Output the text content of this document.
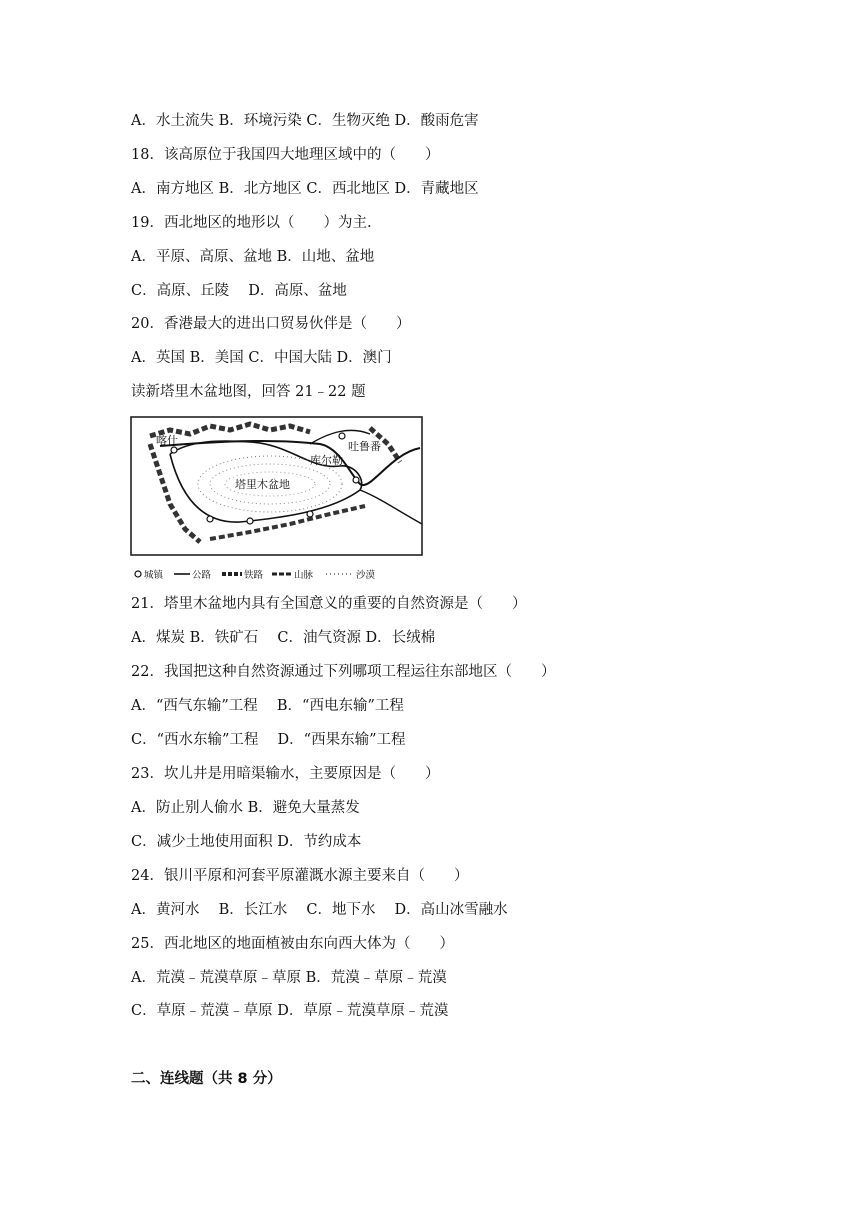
A．水土流失 B．环境污染 C．生物灭绝 D．酸雨危害
18．该高原位于我国四大地理区域中的（　　）
A．南方地区 B．北方地区 C．西北地区 D．青藏地区
19．西北地区的地形以（　　）为主.
A．平原、高原、盆地 B．山地、盆地
C．高原、丘陵　 D．高原、盆地
20．香港最大的进出口贸易伙伴是（　　）
A．英国 B．美国 C．中国大陆 D．澳门
读新塔里木盆地图，回答 21﹣22 题
喀什
库尔勒
吐鲁番
塔里木盆地
城镇	公路	铁路	山脉	沙漠
21．塔里木盆地内具有全国意义的重要的自然资源是（　　）
A．煤炭 B．铁矿石　 C．油气资源 D．长绒棉
22．我国把这种自然资源通过下列哪项工程运往东部地区（　　）
A．“西气东输”工程　 B．“西电东输”工程
C．“西水东输”工程　 D．“西果东输”工程
23．坎儿井是用暗渠输水，主要原因是（　　）
A．防止别人偷水 B．避免大量蒸发
C．减少土地使用面积 D．节约成本
24．银川平原和河套平原灌溉水源主要来自（　　）
A．黄河水　 B．长江水　 C．地下水　 D．高山冰雪融水
25．西北地区的地面植被由东向西大体为（　　）
A．荒漠﹣荒漠草原﹣草原 B．荒漠﹣草原﹣荒漠
C．草原﹣荒漠﹣草原 D．草原﹣荒漠草原﹣荒漠
二、连线题（共 8 分）
